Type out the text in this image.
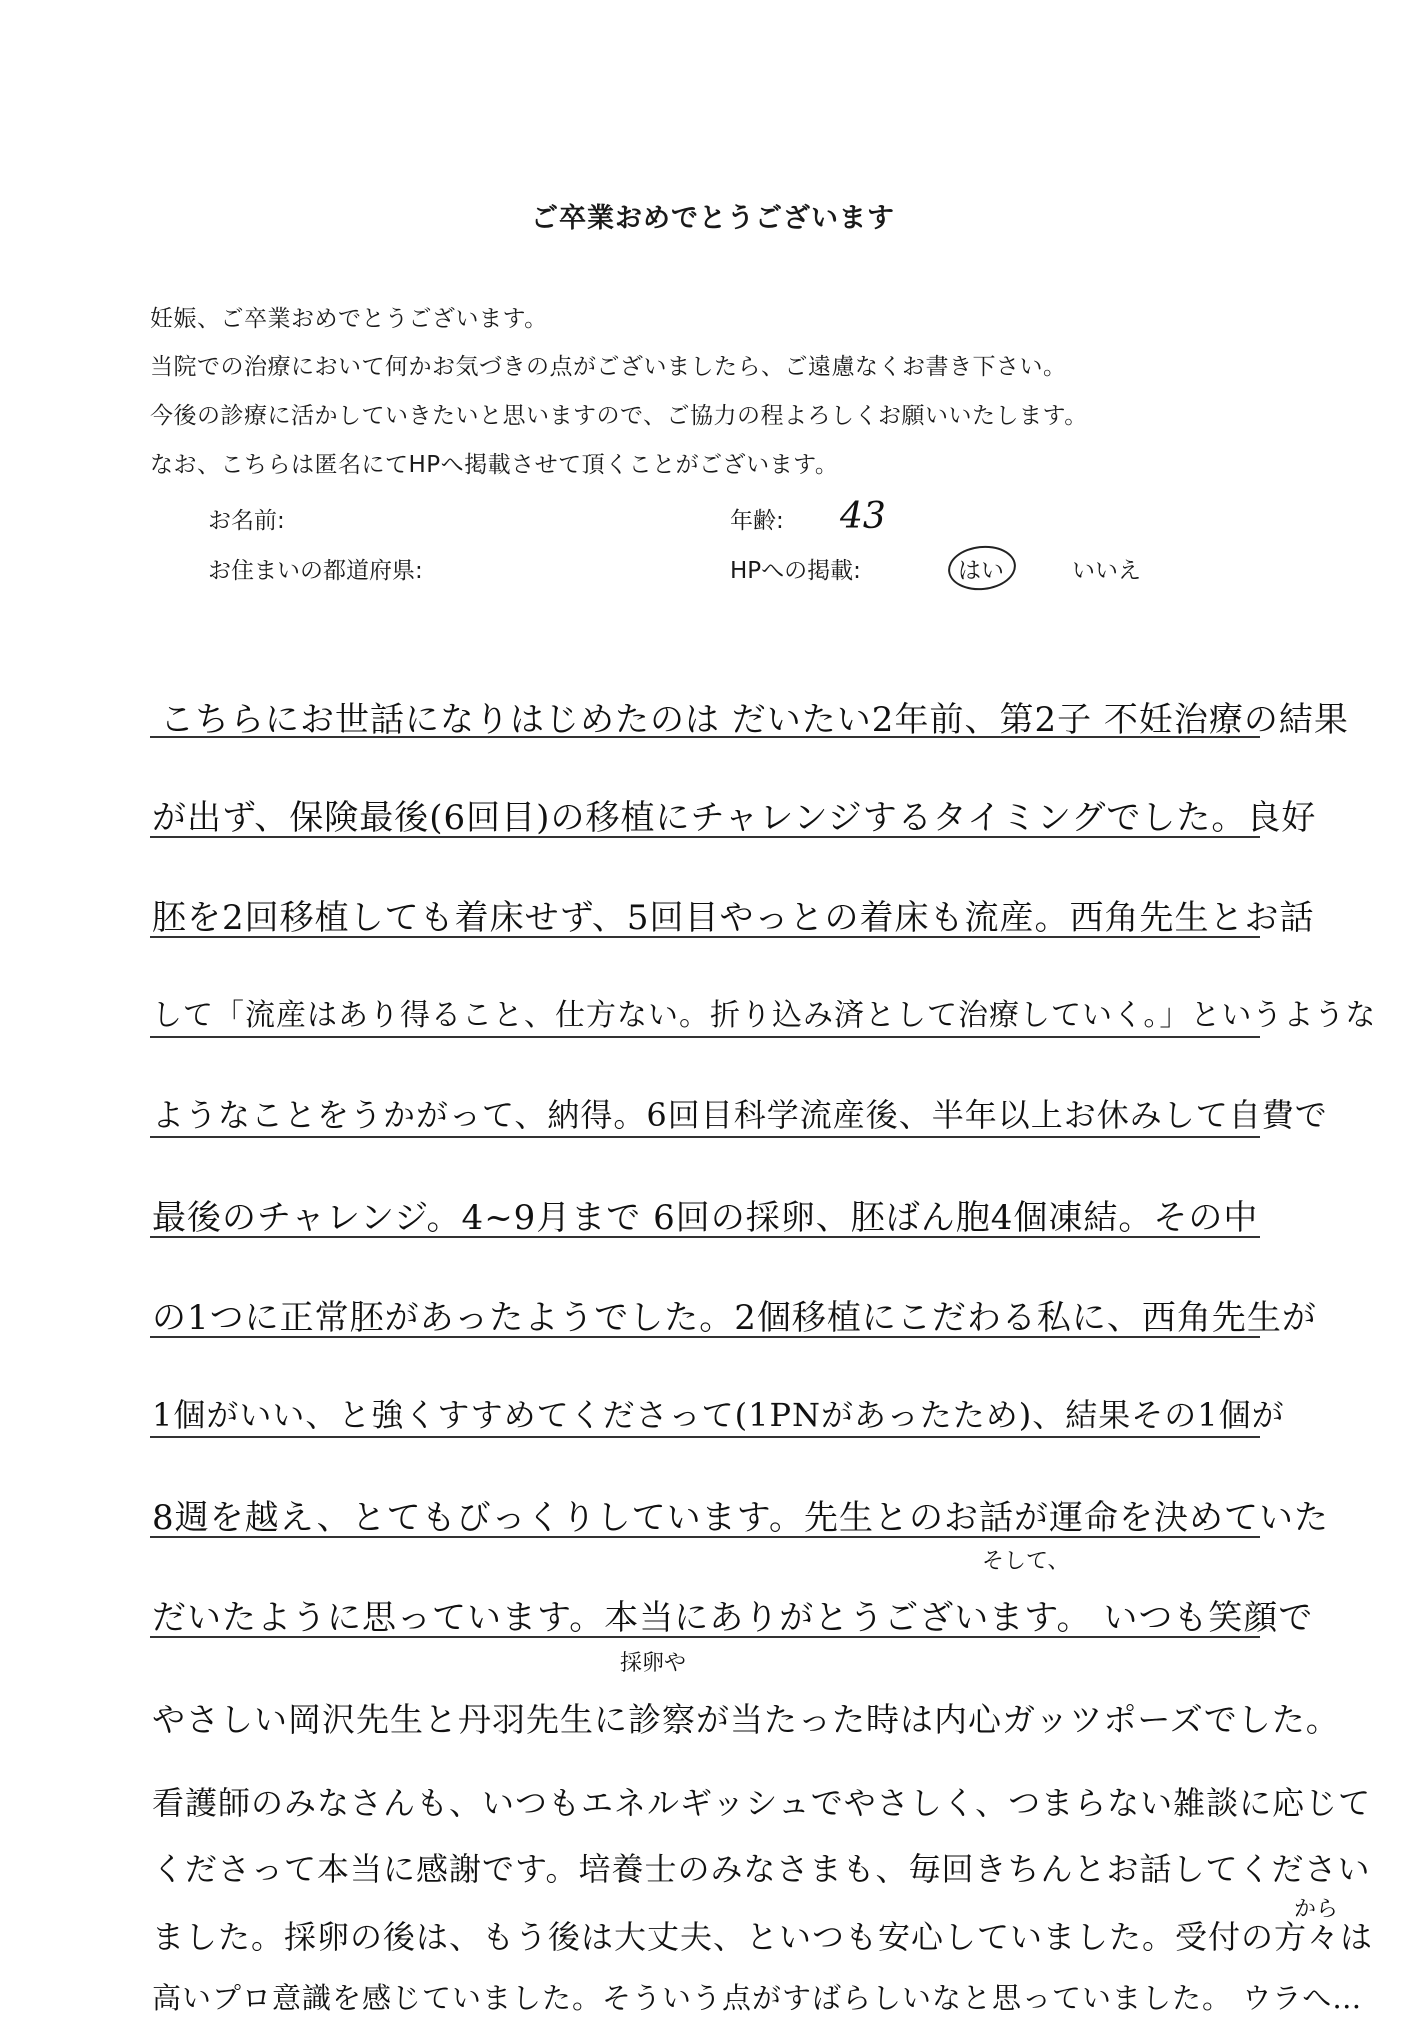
ご卒業おめでとうございます
妊娠、ご卒業おめでとうございます。
当院での治療において何かお気づきの点がございましたら、ご遠慮なくお書き下さい。
今後の診療に活かしていきたいと思いますので、ご協力の程よろしくお願いいたします。
なお、こちらは匿名にてHPへ掲載させて頂くことがございます。
お名前:	年齢: 43
お住まいの都道府県:	HPへの掲載:	はい	いいえ
こちらにお世話になりはじめたのは だいたい2年前、第2子 不妊治療の結果
が出ず、保険最後(6回目)の移植にチャレンジするタイミングでした。良好
胚を2回移植しても着床せず、5回目やっとの着床も流産。西角先生とお話
して「流産はあり得ること、仕方ない。折り込み済として治療していく。」というような
ようなことをうかがって、納得。6回目科学流産後、半年以上お休みして自費で
最後のチャレンジ。4~9月まで 6回の採卵、胚ばん胞4個凍結。その中
の1つに正常胚があったようでした。2個移植にこだわる私に、西角先生が
1個がいい、と強くすすめてくださって(1PNがあったため)、結果その1個が
8週を越え、とてもびっくりしています。先生とのお話が運命を決めていた
そして、
だいたように思っています。本当にありがとうございます。 いつも笑顔で
採卵や
やさしい岡沢先生と丹羽先生に診察が当たった時は内心ガッツポーズでした。
看護師のみなさんも、いつもエネルギッシュでやさしく、つまらない雑談に応じて
くださって本当に感謝です。培養士のみなさまも、毎回きちんとお話してください
から
ました。採卵の後は、もう後は大丈夫、といつも安心していました。受付の方々は
高いプロ意識を感じていました。そういう点がすばらしいなと思っていました。 ウラへ…
